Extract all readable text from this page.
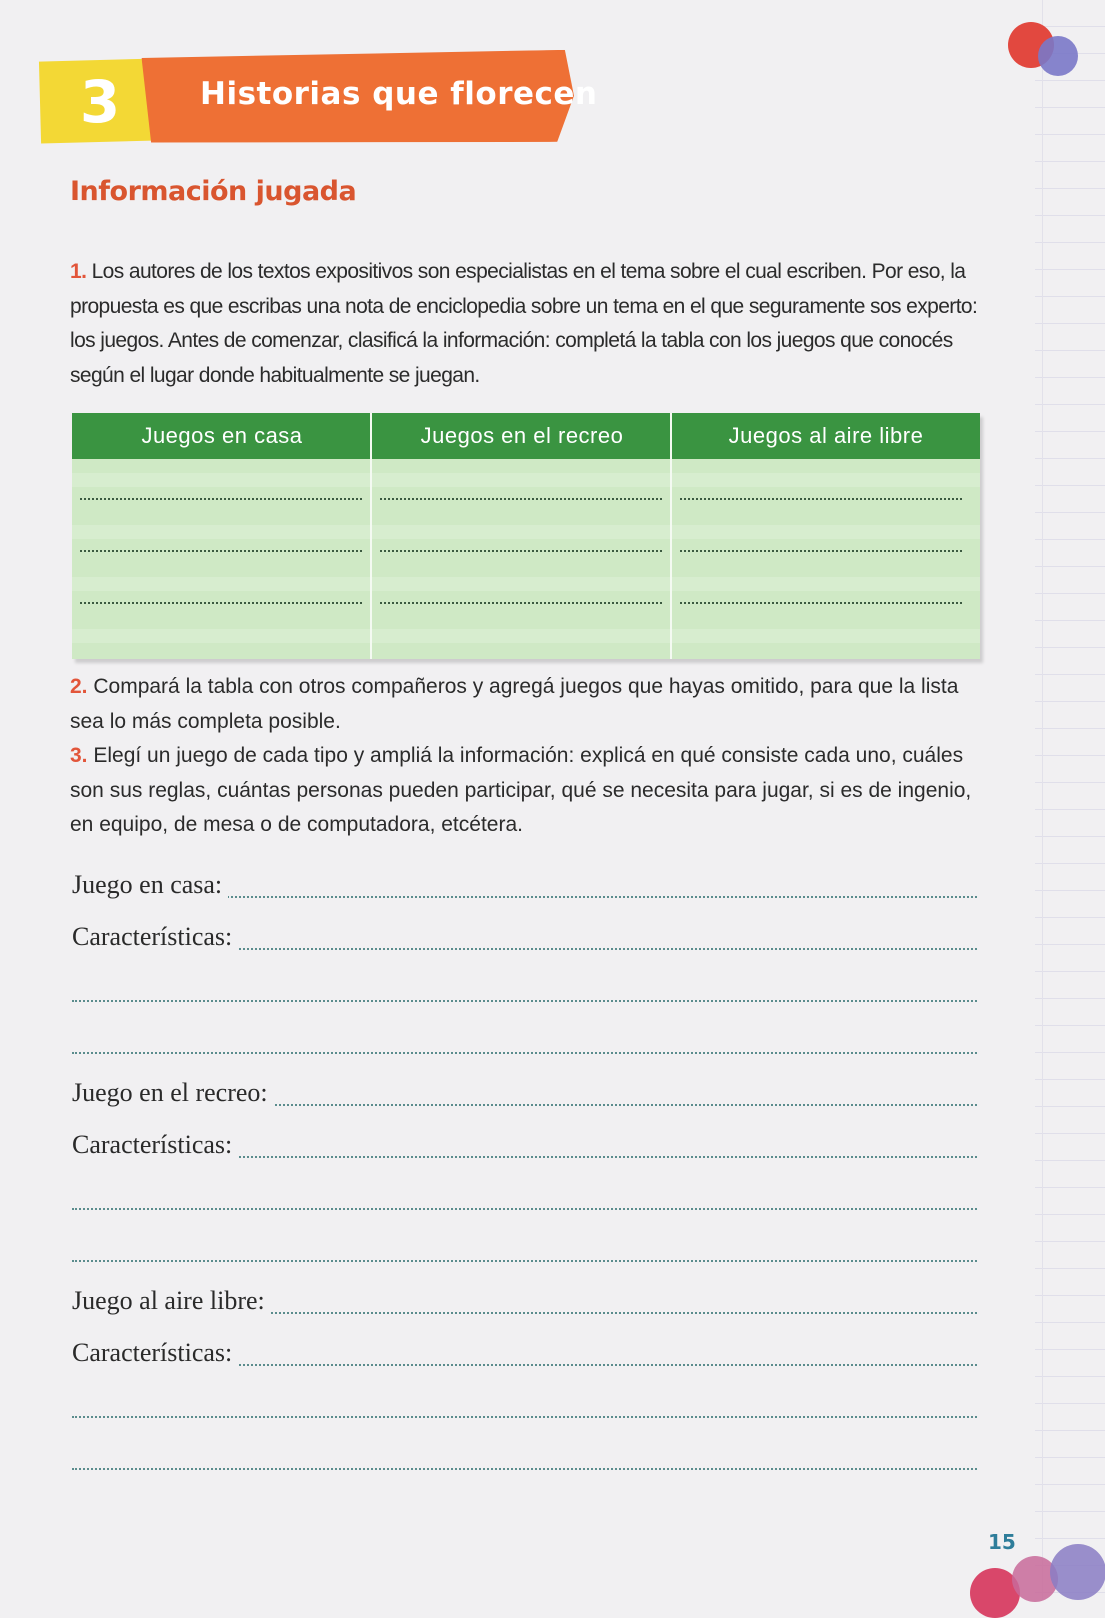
3	Historias que florecen
Información jugada
1. Los autores de los textos expositivos son especialistas en el tema sobre el cual escriben. Por eso, la propuesta es que escribas una nota de enciclopedia sobre un tema en el que seguramente sos experto: los juegos. Antes de comenzar, clasificá la información: completá la tabla con los juegos que conocés según el lugar donde habitualmente se juegan.
Juegos en casa	Juegos en el recreo	Juegos al aire libre
2. Compará la tabla con otros compañeros y agregá juegos que hayas omitido, para que la lista sea lo más completa posible.
3. Elegí un juego de cada tipo y ampliá la información: explicá en qué consiste cada uno, cuáles son sus reglas, cuántas personas pueden participar, qué se necesita para jugar, si es de ingenio, en equipo, de mesa o de computadora, etcétera.
Juego en casa:
Características:
Juego en el recreo:
Características:
Juego al aire libre:
Características:
15
